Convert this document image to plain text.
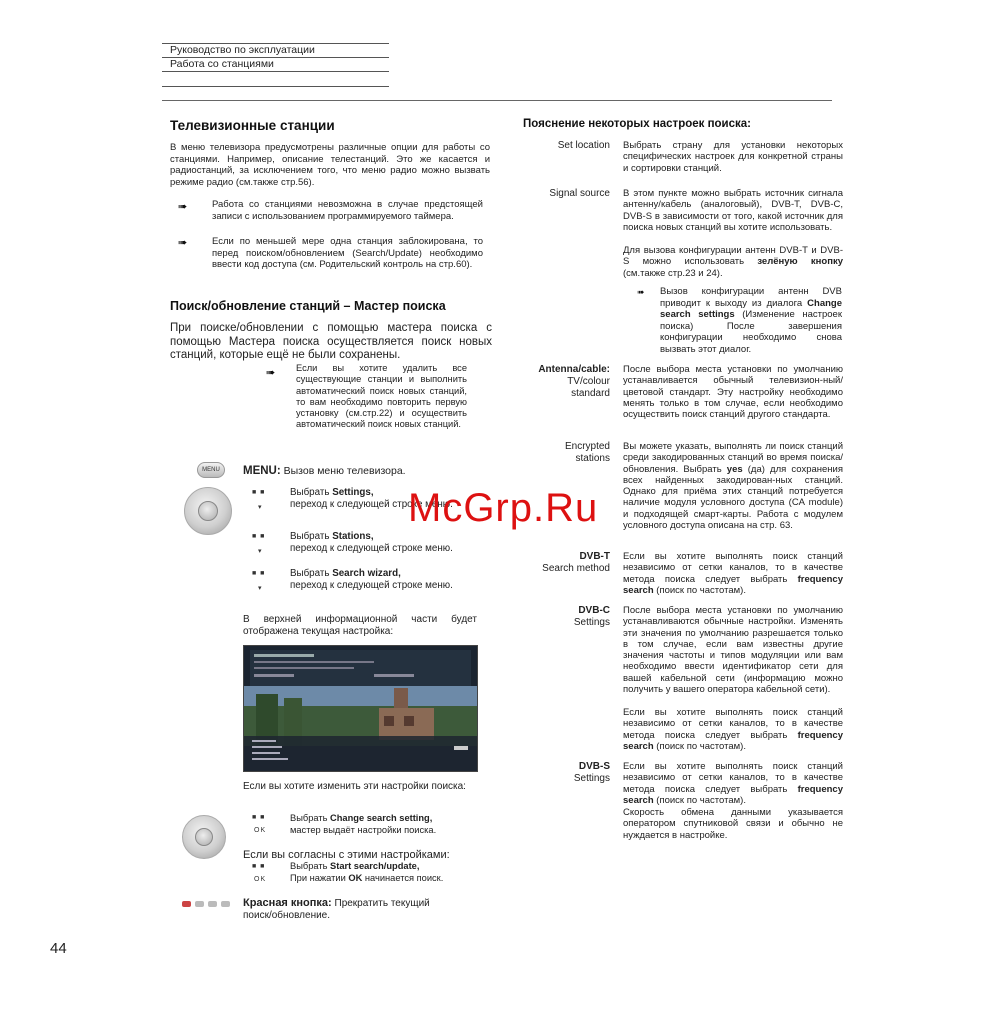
Руководство по эксплуатации
Работа со станциями
Телевизионные станции
В меню телевизора предусмотрены различные опции для работы со станциями. Например, описание телестанций. Это же касается и радиостанций, за исключением того, что меню радио можно вызвать режиме радио (см.также стр.56).
➠	Работа со станциями невозможна в случае предстоящей записи с использованием программируемого таймера.
➠	Если по меньшей мере одна станция заблокирована, то перед поиском/обновлением (Search/Update) необходимо ввести код доступа (см. Родительский контроль на стр.60).
Поиск/обновление станций – Мастер поиска
При поиске/обновлении с помощью мастера поиска с помощью Мастера поиска осуществляется поиск новых станций, которые ещё не были сохранены.
➠ Если вы хотите удалить все существующие станции и выполнить автоматический поиск новых станций, то вам необходимо повторить первую установку (см.стр.22) и осуществить автоматический поиск новых станций.
MENU	MENU: Вызов меню телевизора.
■ ■
▾
Выбрать Settings,
переход к следующей строке меню.
■ ■
▾
Выбрать Stations,
переход к следующей строке меню.
■ ■
▾
Выбрать Search wizard,
переход к следующей строке меню.
В верхней информационной части будет отображена текущая настройка:
Если вы хотите изменить эти настройки поиска:
■ ■
OK
Выбрать Change search setting,
мастер выдаёт настройки поиска.
Если вы согласны с этими настройками:
■ ■
OK
Выбрать Start search/update,
При нажатии OK начинается поиск.
Красная кнопка: Прекратить текущий поиск/обновление.
Пояснение некоторых настроек поиска:
Set location Выбрать страну для установки некоторых специфических настроек для конкретной страны и сортировки станций.
Signal source В этом пункте можно выбрать источник сигнала антенну/кабель (аналоговый), DVB-T, DVB-C, DVB-S в зависимости от того, какой источник для поиска новых станций вы хотите использовать.
Для вызова конфигурации антенн DVB-T и DVB-S можно использовать зелёную кнопку (см.также стр.23 и 24).
➠ Вызов конфигурации антенн DVB приводит к выходу из диалога Change search settings (Изменение настроек поиска) После завершения конфигурации необходимо снова вызвать этот диалог.
Antenna/cable:
TV/colour
standard
После выбора места установки по умолчанию устанавливается обычный телевизион-ный/цветовой стандарт. Эту настройку необходимо менять только в том случае, если необходимо осуществить поиск станций другого стандарта.
Encrypted
stations
Вы можете указать, выполнять ли поиск станций среди закодированных станций во время поиска/обновления. Выбрать yes (да) для сохранения всех найденных закодирован-ных станций. Однако для приёма этих станций потребуется наличие модуля условного доступа (CA module) и подходящей смарт-карты. Работа с модулем условного доступа описана на стр. 63.
DVB-T
Search method
Если вы хотите выполнять поиск станций независимо от сетки каналов, то в качестве метода поиска следует выбрать frequency search (поиск по частотам).
DVB-C
Settings
После выбора места установки по умолчанию устанавливаются обычные настройки. Изменять эти значения по умолчанию разрешается только в том случае, если вам известны другие значения частоты и типов модуляции или вам необходимо ввести идентификатор сети для вашей кабельной сети (информацию можно получить у вашего оператора кабельной сети).
Если вы хотите выполнять поиск станций независимо от сетки каналов, то в качестве метода поиска следует выбрать frequency search (поиск по частотам).
DVB-S
Settings
Если вы хотите выполнять поиск станций независимо от сетки каналов, то в качестве метода поиска следует выбрать frequency search (поиск по частотам).
Скорость обмена данными указывается оператором спутниковой связи и обычно не нуждается в настройке.
McGrp.Ru
44
